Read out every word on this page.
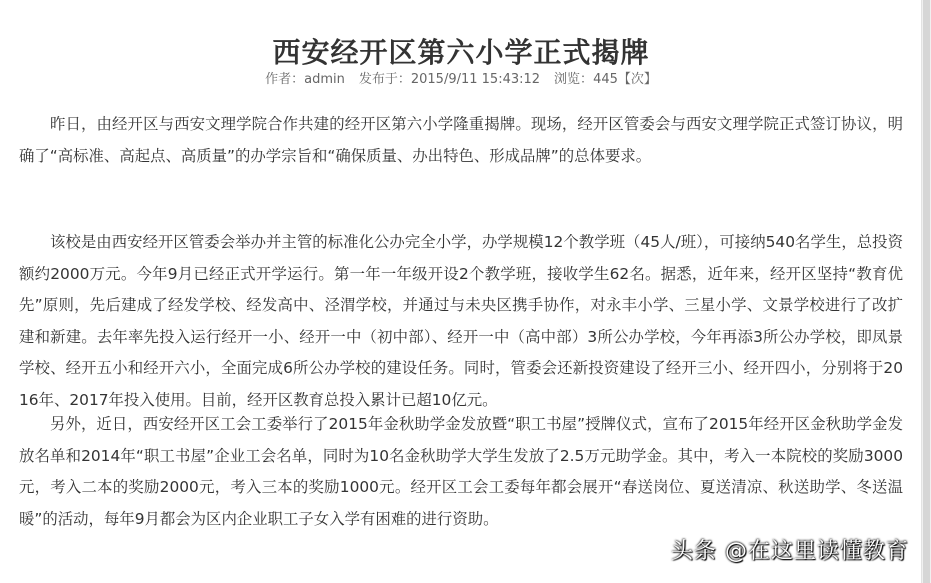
西安经开区第六小学正式揭牌
作者：admin 发布于：2015/9/11 15:43:12 浏览：445【次】

昨日，由经开区与西安文理学院合作共建的经开区第六小学隆重揭牌。现场，经开区管委会与西安文理学院正式签订协议，明确了“高标准、高起点、高质量”的办学宗旨和“确保质量、办出特色、形成品牌”的总体要求。

该校是由西安经开区管委会举办并主管的标准化公办完全小学，办学规模12个教学班（45人/班），可接纳540名学生，总投资额约2000万元。今年9月已经正式开学运行。第一年一年级开设2个教学班，接收学生62名。据悉，近年来，经开区坚持“教育优先”原则，先后建成了经发学校、经发高中、泾渭学校，并通过与未央区携手协作，对永丰小学、三星小学、文景学校进行了改扩建和新建。去年率先投入运行经开一小、经开一中（初中部）、经开一中（高中部）3所公办学校，今年再添3所公办学校，即凤景学校、经开五小和经开六小，全面完成6所公办学校的建设任务。同时，管委会还新投资建设了经开三小、经开四小，分别将于2016年、2017年投入使用。目前，经开区教育总投入累计已超10亿元。

另外，近日，西安经开区工会工委举行了2015年金秋助学金发放暨“职工书屋”授牌仪式，宣布了2015年经开区金秋助学金发放名单和2014年“职工书屋”企业工会名单，同时为10名金秋助学大学生发放了2.5万元助学金。其中，考入一本院校的奖励3000元，考入二本的奖励2000元，考入三本的奖励1000元。经开区工会工委每年都会展开“春送岗位、夏送清凉、秋送助学、冬送温暖”的活动，每年9月都会为区内企业职工子女入学有困难的进行资助。

头条 @在这里读懂教育
